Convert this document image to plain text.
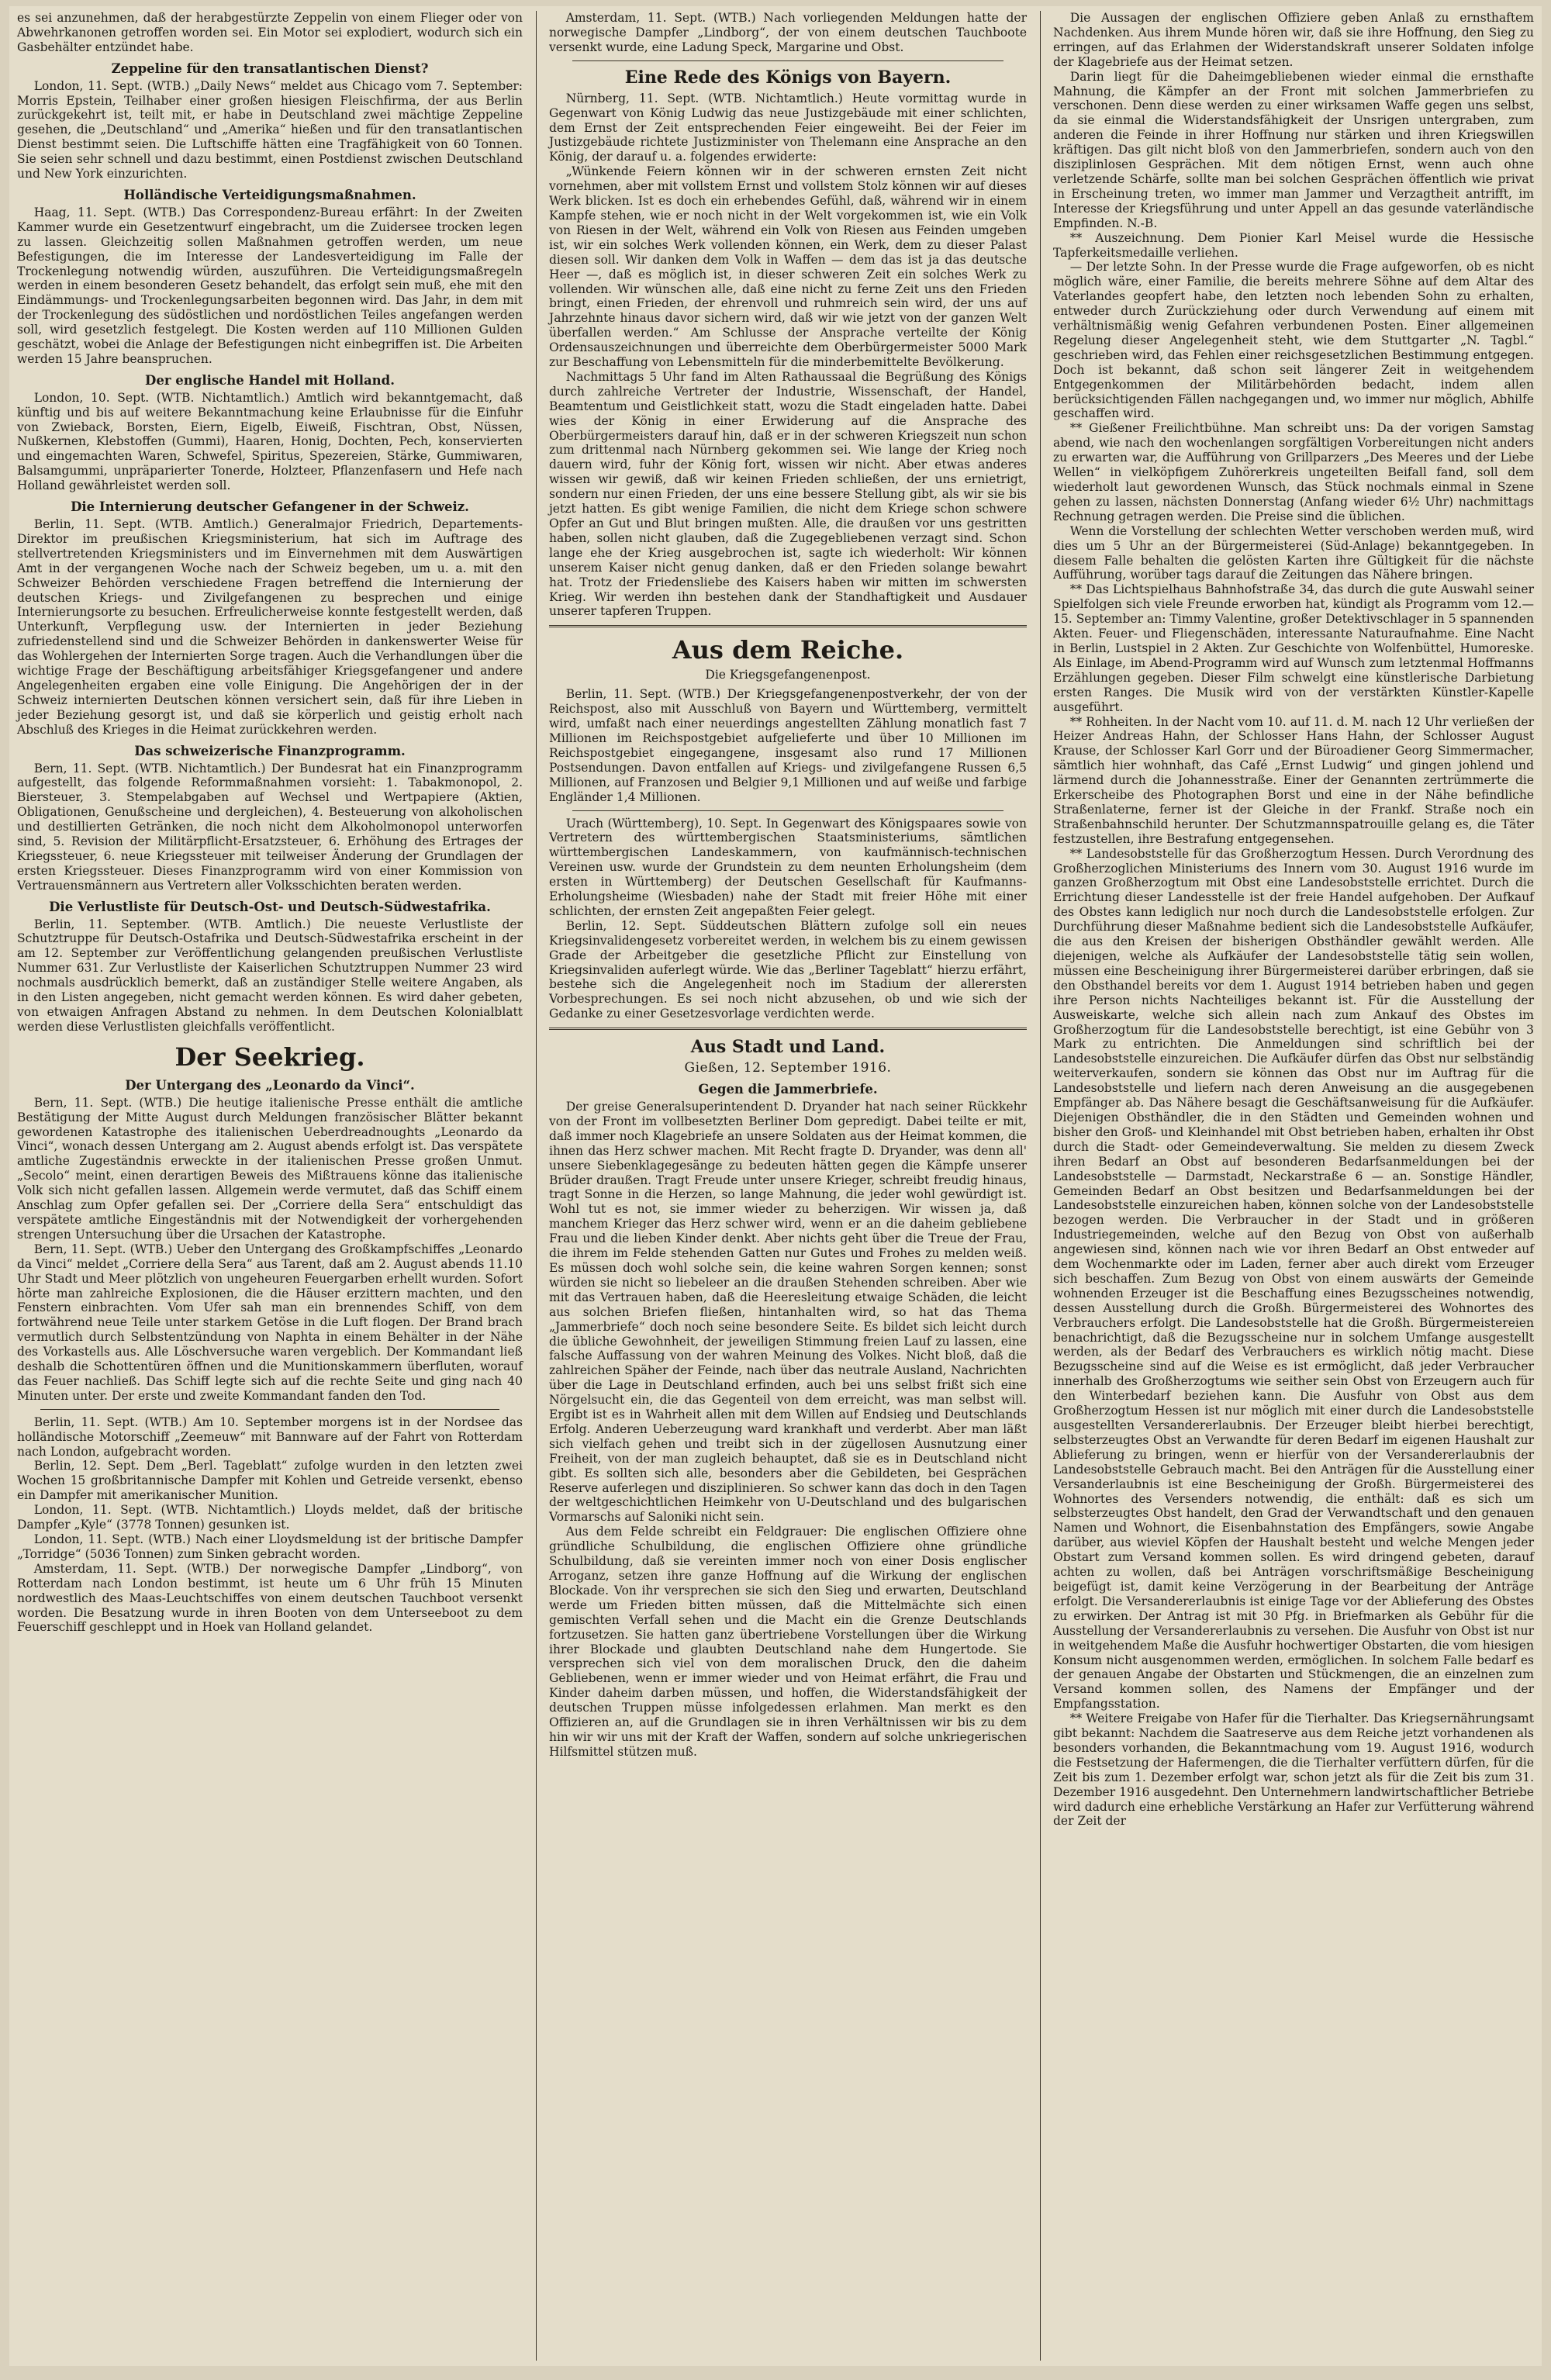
es sei anzunehmen, daß der herabgestürzte Zeppelin von einem Flieger oder von Abwehrkanonen getroffen worden sei. Ein Motor sei explodiert, wodurch sich ein Gasbehälter entzündet habe.

Zeppeline für den transatlantischen Dienst?

London, 11. Sept. (WTB.) „Daily News“ meldet aus Chicago vom 7. September: Morris Epstein, Teilhaber einer großen hiesigen Fleischfirma, der aus Berlin zurückgekehrt ist, teilt mit, er habe in Deutschland zwei mächtige Zeppeline gesehen, die „Deutschland“ und „Amerika“ hießen und für den transatlantischen Dienst bestimmt seien. Die Luftschiffe hätten eine Tragfähigkeit von 60 Tonnen. Sie seien sehr schnell und dazu bestimmt, einen Postdienst zwischen Deutschland und New York einzurichten.

Holländische Verteidigungsmaßnahmen.

Haag, 11. Sept. (WTB.) Das Correspondenz-Bureau erfährt: In der Zweiten Kammer wurde ein Gesetzentwurf eingebracht, um die Zuidersee trocken legen zu lassen. Gleichzeitig sollen Maßnahmen getroffen werden, um neue Befestigungen, die im Interesse der Landesverteidigung im Falle der Trockenlegung notwendig würden, auszuführen. Die Verteidigungsmaßregeln werden in einem besonderen Gesetz behandelt, das erfolgt sein muß, ehe mit den Eindämmungs- und Trockenlegungsarbeiten begonnen wird. Das Jahr, in dem mit der Trockenlegung des südöstlichen und nordöstlichen Teiles angefangen werden soll, wird gesetzlich festgelegt. Die Kosten werden auf 110 Millionen Gulden geschätzt, wobei die Anlage der Befestigungen nicht einbegriffen ist. Die Arbeiten werden 15 Jahre beanspruchen.

Der englische Handel mit Holland.

London, 10. Sept. (WTB. Nichtamtlich.) Amtlich wird bekanntgemacht, daß künftig und bis auf weitere Bekanntmachung keine Erlaubnisse für die Einfuhr von Zwieback, Borsten, Eiern, Eigelb, Eiweiß, Fischtran, Obst, Nüssen, Nußkernen, Klebstoffen (Gummi), Haaren, Honig, Dochten, Pech, konservierten und eingemachten Waren, Schwefel, Spiritus, Spezereien, Stärke, Gummiwaren, Balsamgummi, unpräparierter Tonerde, Holzteer, Pflanzenfasern und Hefe nach Holland gewährleistet werden soll.

Die Internierung deutscher Gefangener in der Schweiz.

Berlin, 11. Sept. (WTB. Amtlich.) Generalmajor Friedrich, Departements-Direktor im preußischen Kriegsministerium, hat sich im Auftrage des stellvertretenden Kriegsministers und im Einvernehmen mit dem Auswärtigen Amt in der vergangenen Woche nach der Schweiz begeben, um u. a. mit den Schweizer Behörden verschiedene Fragen betreffend die Internierung der deutschen Kriegs- und Zivilgefangenen zu besprechen und einige Internierungsorte zu besuchen. Erfreulicherweise konnte festgestellt werden, daß Unterkunft, Verpflegung usw. der Internierten in jeder Beziehung zufriedenstellend sind und die Schweizer Behörden in dankenswerter Weise für das Wohlergehen der Internierten Sorge tragen. Auch die Verhandlungen über die wichtige Frage der Beschäftigung arbeitsfähiger Kriegsgefangener und andere Angelegenheiten ergaben eine volle Einigung. Die Angehörigen der in der Schweiz internierten Deutschen können versichert sein, daß für ihre Lieben in jeder Beziehung gesorgt ist, und daß sie körperlich und geistig erholt nach Abschluß des Krieges in die Heimat zurückkehren werden.

Das schweizerische Finanzprogramm.

Bern, 11. Sept. (WTB. Nichtamtlich.) Der Bundesrat hat ein Finanzprogramm aufgestellt, das folgende Reformmaßnahmen vorsieht: 1. Tabakmonopol, 2. Biersteuer, 3. Stempelabgaben auf Wechsel und Wertpapiere (Aktien, Obligationen, Genußscheine und dergleichen), 4. Besteuerung von alkoholischen und destillierten Getränken, die noch nicht dem Alkoholmonopol unterworfen sind, 5. Revision der Militärpflicht-Ersatzsteuer, 6. Erhöhung des Ertrages der Kriegssteuer, 6. neue Kriegssteuer mit teilweiser Änderung der Grundlagen der ersten Kriegssteuer. Dieses Finanzprogramm wird von einer Kommission von Vertrauensmännern aus Vertretern aller Volksschichten beraten werden.

Die Verlustliste für Deutsch-Ost- und Deutsch-Südwestafrika.

Berlin, 11. September. (WTB. Amtlich.) Die neueste Verlustliste der Schutztruppe für Deutsch-Ostafrika und Deutsch-Südwestafrika erscheint in der am 12. September zur Veröffentlichung gelangenden preußischen Verlustliste Nummer 631. Zur Verlustliste der Kaiserlichen Schutztruppen Nummer 23 wird nochmals ausdrücklich bemerkt, daß an zuständiger Stelle weitere Angaben, als in den Listen angegeben, nicht gemacht werden können. Es wird daher gebeten, von etwaigen Anfragen Abstand zu nehmen. In dem Deutschen Kolonialblatt werden diese Verlustlisten gleichfalls veröffentlicht.

Der Seekrieg.
Der Untergang des „Leonardo da Vinci“.

Bern, 11. Sept. (WTB.) Die heutige italienische Presse enthält die amtliche Bestätigung der Mitte August durch Meldungen französischer Blätter bekannt gewordenen Katastrophe des italienischen Ueberdreadnoughts „Leonardo da Vinci“, wonach dessen Untergang am 2. August abends erfolgt ist. Das verspätete amtliche Zugeständnis erweckte in der italienischen Presse großen Unmut. „Secolo“ meint, einen derartigen Beweis des Mißtrauens könne das italienische Volk sich nicht gefallen lassen. Allgemein werde vermutet, daß das Schiff einem Anschlag zum Opfer gefallen sei. Der „Corriere della Sera“ entschuldigt das verspätete amtliche Eingeständnis mit der Notwendigkeit der vorhergehenden strengen Untersuchung über die Ursachen der Katastrophe.

Bern, 11. Sept. (WTB.) Ueber den Untergang des Großkampfschiffes „Leonardo da Vinci“ meldet „Corriere della Sera“ aus Tarent, daß am 2. August abends 11.10 Uhr Stadt und Meer plötzlich von ungeheuren Feuergarben erhellt wurden. Sofort hörte man zahlreiche Explosionen, die die Häuser erzittern machten, und den Fenstern einbrachten. Vom Ufer sah man ein brennendes Schiff, von dem fortwährend neue Teile unter starkem Getöse in die Luft flogen. Der Brand brach vermutlich durch Selbstentzündung von Naphta in einem Behälter in der Nähe des Vorkastells aus. Alle Löschversuche waren vergeblich. Der Kommandant ließ deshalb die Schottentüren öffnen und die Munitionskammern überfluten, worauf das Feuer nachließ. Das Schiff legte sich auf die rechte Seite und ging nach 40 Minuten unter. Der erste und zweite Kommandant fanden den Tod.

Berlin, 11. Sept. (WTB.) Am 10. September morgens ist in der Nordsee das holländische Motorschiff „Zeemeuw“ mit Bannware auf der Fahrt von Rotterdam nach London, aufgebracht worden.

Berlin, 12. Sept. Dem „Berl. Tageblatt“ zufolge wurden in den letzten zwei Wochen 15 großbritannische Dampfer mit Kohlen und Getreide versenkt, ebenso ein Dampfer mit amerikanischer Munition.

London, 11. Sept. (WTB. Nichtamtlich.) Lloyds meldet, daß der britische Dampfer „Kyle“ (3778 Tonnen) gesunken ist.

London, 11. Sept. (WTB.) Nach einer Lloydsmeldung ist der britische Dampfer „Torridge“ (5036 Tonnen) zum Sinken gebracht worden.

Amsterdam, 11. Sept. (WTB.) Der norwegische Dampfer „Lindborg“, von Rotterdam nach London bestimmt, ist heute um 6 Uhr früh 15 Minuten nordwestlich des Maas-Leuchtschiffes von einem deutschen Tauchboot versenkt worden. Die Besatzung wurde in ihren Booten von dem Unterseeboot zu dem Feuerschiff geschleppt und in Hoek van Holland gelandet.

Amsterdam, 11. Sept. (WTB.) Nach vorliegenden Meldungen hatte der norwegische Dampfer „Lindborg“, der von einem deutschen Tauchboote versenkt wurde, eine Ladung Speck, Margarine und Obst.

Eine Rede des Königs von Bayern.

Nürnberg, 11. Sept. (WTB. Nichtamtlich.) Heute vormittag wurde in Gegenwart von König Ludwig das neue Justizgebäude mit einer schlichten, dem Ernst der Zeit entsprechenden Feier eingeweiht. Bei der Feier im Justizgebäude richtete Justizminister von Thelemann eine Ansprache an den König, der darauf u. a. folgendes erwiderte:

„Wünkende Feiern können wir in der schweren ernsten Zeit nicht vornehmen, aber mit vollstem Ernst und vollstem Stolz können wir auf dieses Werk blicken. Ist es doch ein erhebendes Gefühl, daß, während wir in einem Kampfe stehen, wie er noch nicht in der Welt vorgekommen ist, wie ein Volk von Riesen in der Welt, während ein Volk von Riesen aus Feinden umgeben ist, wir ein solches Werk vollenden können, ein Werk, dem zu dieser Palast diesen soll. Wir danken dem Volk in Waffen — dem das ist ja das deutsche Heer —, daß es möglich ist, in dieser schweren Zeit ein solches Werk zu vollenden. Wir wünschen alle, daß eine nicht zu ferne Zeit uns den Frieden bringt, einen Frieden, der ehrenvoll und ruhmreich sein wird, der uns auf Jahrzehnte hinaus davor sichern wird, daß wir wie jetzt von der ganzen Welt überfallen werden.“ Am Schlusse der Ansprache verteilte der König Ordensauszeichnungen und überreichte dem Oberbürgermeister 5000 Mark zur Beschaffung von Lebensmitteln für die minderbemittelte Bevölkerung.

Nachmittags 5 Uhr fand im Alten Rathaussaal die Begrüßung des Königs durch zahlreiche Vertreter der Industrie, Wissenschaft, der Handel, Beamtentum und Geistlichkeit statt, wozu die Stadt eingeladen hatte. Dabei wies der König in einer Erwiderung auf die Ansprache des Oberbürgermeisters darauf hin, daß er in der schweren Kriegszeit nun schon zum drittenmal nach Nürnberg gekommen sei. Wie lange der Krieg noch dauern wird, fuhr der König fort, wissen wir nicht. Aber etwas anderes wissen wir gewiß, daß wir keinen Frieden schließen, der uns ernietrigt, sondern nur einen Frieden, der uns eine bessere Stellung gibt, als wir sie bis jetzt hatten. Es gibt wenige Familien, die nicht dem Kriege schon schwere Opfer an Gut und Blut bringen mußten. Alle, die draußen vor uns gestritten haben, sollen nicht glauben, daß die Zugegebliebenen verzagt sind. Schon lange ehe der Krieg ausgebrochen ist, sagte ich wiederholt: Wir können unserem Kaiser nicht genug danken, daß er den Frieden solange bewahrt hat. Trotz der Friedensliebe des Kaisers haben wir mitten im schwersten Krieg. Wir werden ihn bestehen dank der Standhaftigkeit und Ausdauer unserer tapferen Truppen.

Aus dem Reiche.
Die Kriegsgefangenenpost.

Berlin, 11. Sept. (WTB.) Der Kriegsgefangenenpostverkehr, der von der Reichspost, also mit Ausschluß von Bayern und Württemberg, vermittelt wird, umfaßt nach einer neuerdings angestellten Zählung monatlich fast 7 Millionen im Reichspostgebiet aufgelieferte und über 10 Millionen im Reichspostgebiet eingegangene, insgesamt also rund 17 Millionen Postsendungen. Davon entfallen auf Kriegs- und zivilgefangene Russen 6,5 Millionen, auf Franzosen und Belgier 9,1 Millionen und auf weiße und farbige Engländer 1,4 Millionen.

Urach (Württemberg), 10. Sept. In Gegenwart des Königspaares sowie von Vertretern des württembergischen Staatsministeriums, sämtlichen württembergischen Landeskammern, von kaufmännisch-technischen Vereinen usw. wurde der Grundstein zu dem neunten Erholungsheim (dem ersten in Württemberg) der Deutschen Gesellschaft für Kaufmanns-Erholungsheime (Wiesbaden) nahe der Stadt mit freier Höhe mit einer schlichten, der ernsten Zeit angepaßten Feier gelegt.

Berlin, 12. Sept. Süddeutschen Blättern zufolge soll ein neues Kriegsinvalidengesetz vorbereitet werden, in welchem bis zu einem gewissen Grade der Arbeitgeber die gesetzliche Pflicht zur Einstellung von Kriegsinvaliden auferlegt würde. Wie das „Berliner Tageblatt“ hierzu erfährt, bestehe sich die Angelegenheit noch im Stadium der allerersten Vorbesprechungen. Es sei noch nicht abzusehen, ob und wie sich der Gedanke zu einer Gesetzesvorlage verdichten werde.

Aus Stadt und Land.
Gießen, 12. September 1916.
Gegen die Jammerbriefe.

Der greise Generalsuperintendent D. Dryander hat nach seiner Rückkehr von der Front im vollbesetzten Berliner Dom gepredigt. Dabei teilte er mit, daß immer noch Klagebriefe an unsere Soldaten aus der Heimat kommen, die ihnen das Herz schwer machen. Mit Recht fragte D. Dryander, was denn all' unsere Siebenklagegesänge zu bedeuten hätten gegen die Kämpfe unserer Brüder draußen. Tragt Freude unter unsere Krieger, schreibt freudig hinaus, tragt Sonne in die Herzen, so lange Mahnung, die jeder wohl gewürdigt ist. Wohl tut es not, sie immer wieder zu beherzigen. Wir wissen ja, daß manchem Krieger das Herz schwer wird, wenn er an die daheim gebliebene Frau und die lieben Kinder denkt. Aber nichts geht über die Treue der Frau, die ihrem im Felde stehenden Gatten nur Gutes und Frohes zu melden weiß. Es müssen doch wohl solche sein, die keine wahren Sorgen kennen; sonst würden sie nicht so liebeleer an die draußen Stehenden schreiben. Aber wie mit das Vertrauen haben, daß die Heeresleitung etwaige Schäden, die leicht aus solchen Briefen fließen, hintanhalten wird, so hat das Thema „Jammerbriefe“ doch noch seine besondere Seite. Es bildet sich leicht durch die übliche Gewohnheit, der jeweiligen Stimmung freien Lauf zu lassen, eine falsche Auffassung von der wahren Meinung des Volkes. Nicht bloß, daß die zahlreichen Späher der Feinde, nach über das neutrale Ausland, Nachrichten über die Lage in Deutschland erfinden, auch bei uns selbst frißt sich eine Nörgelsucht ein, die das Gegenteil von dem erreicht, was man selbst will. Ergibt ist es in Wahrheit allen mit dem Willen auf Endsieg und Deutschlands Erfolg. Anderen Ueberzeugung ward krankhaft und verderbt. Aber man läßt sich vielfach gehen und treibt sich in der zügellosen Ausnutzung einer Freiheit, von der man zugleich behauptet, daß sie es in Deutschland nicht gibt. Es sollten sich alle, besonders aber die Gebildeten, bei Gesprächen Reserve auferlegen und disziplinieren. So schwer kann das doch in den Tagen der weltgeschichtlichen Heimkehr von U-Deutschland und des bulgarischen Vormarschs auf Saloniki nicht sein.

Aus dem Felde schreibt ein Feldgrauer: Die englischen Offiziere ohne gründliche Schulbildung, die englischen Offiziere ohne gründliche Schulbildung, daß sie vereinten immer noch von einer Dosis englischer Arroganz, setzen ihre ganze Hoffnung auf die Wirkung der englischen Blockade. Von ihr versprechen sie sich den Sieg und erwarten, Deutschland werde um Frieden bitten müssen, daß die Mittelmächte sich einen gemischten Verfall sehen und die Macht ein die Grenze Deutschlands fortzusetzen. Sie hatten ganz übertriebene Vorstellungen über die Wirkung ihrer Blockade und glaubten Deutschland nahe dem Hungertode. Sie versprechen sich viel von dem moralischen Druck, den die daheim Gebliebenen, wenn er immer wieder und von Heimat erfährt, die Frau und Kinder daheim darben müssen, und hoffen, die Widerstandsfähigkeit der deutschen Truppen müsse infolgedessen erlahmen. Man merkt es den Offizieren an, auf die Grundlagen sie in ihren Verhältnissen wir bis zu dem hin wir wir uns mit der Kraft der Waffen, sondern auf solche unkriegerischen Hilfsmittel stützen muß.

Die Aussagen der englischen Offiziere geben Anlaß zu ernsthaftem Nachdenken. Aus ihrem Munde hören wir, daß sie ihre Hoffnung, den Sieg zu erringen, auf das Erlahmen der Widerstandskraft unserer Soldaten infolge der Klagebriefe aus der Heimat setzen.

Darin liegt für die Daheimgebliebenen wieder einmal die ernsthafte Mahnung, die Kämpfer an der Front mit solchen Jammerbriefen zu verschonen. Denn diese werden zu einer wirksamen Waffe gegen uns selbst, da sie einmal die Widerstandsfähigkeit der Unsrigen untergraben, zum anderen die Feinde in ihrer Hoffnung nur stärken und ihren Kriegswillen kräftigen. Das gilt nicht bloß von den Jammerbriefen, sondern auch von den disziplinlosen Gesprächen. Mit dem nötigen Ernst, wenn auch ohne verletzende Schärfe, sollte man bei solchen Gesprächen öffentlich wie privat in Erscheinung treten, wo immer man Jammer und Verzagtheit antrifft, im Interesse der Kriegsführung und unter Appell an das gesunde vaterländische Empfinden. N.-B.

** Auszeichnung. Dem Pionier Karl Meisel wurde die Hessische Tapferkeitsmedaille verliehen.

— Der letzte Sohn. In der Presse wurde die Frage aufgeworfen, ob es nicht möglich wäre, einer Familie, die bereits mehrere Söhne auf dem Altar des Vaterlandes geopfert habe, den letzten noch lebenden Sohn zu erhalten, entweder durch Zurückziehung oder durch Verwendung auf einem mit verhältnismäßig wenig Gefahren verbundenen Posten. Einer allgemeinen Regelung dieser Angelegenheit steht, wie dem Stuttgarter „N. Tagbl.“ geschrieben wird, das Fehlen einer reichsgesetzlichen Bestimmung entgegen. Doch ist bekannt, daß schon seit längerer Zeit in weitgehendem Entgegenkommen der Militärbehörden bedacht, indem allen berücksichtigenden Fällen nachgegangen und, wo immer nur möglich, Abhilfe geschaffen wird.

** Gießener Freilichtbühne. Man schreibt uns: Da der vorigen Samstag abend, wie nach den wochenlangen sorgfältigen Vorbereitungen nicht anders zu erwarten war, die Aufführung von Grillparzers „Des Meeres und der Liebe Wellen“ in vielköpfigem Zuhörerkreis ungeteilten Beifall fand, soll dem wiederholt laut gewordenen Wunsch, das Stück nochmals einmal in Szene gehen zu lassen, nächsten Donnerstag (Anfang wieder 6½ Uhr) nachmittags Rechnung getragen werden. Die Preise sind die üblichen.

Wenn die Vorstellung der schlechten Wetter verschoben werden muß, wird dies um 5 Uhr an der Bürgermeisterei (Süd-Anlage) bekanntgegeben. In diesem Falle behalten die gelösten Karten ihre Gültigkeit für die nächste Aufführung, worüber tags darauf die Zeitungen das Nähere bringen.

** Das Lichtspielhaus Bahnhofstraße 34, das durch die gute Auswahl seiner Spielfolgen sich viele Freunde erworben hat, kündigt als Programm vom 12.—15. September an: Timmy Valentine, großer Detektivschlager in 5 spannenden Akten. Feuer- und Fliegenschäden, interessante Naturaufnahme. Eine Nacht in Berlin, Lustspiel in 2 Akten. Zur Geschichte von Wolfenbüttel, Humoreske. Als Einlage, im Abend-Programm wird auf Wunsch zum letztenmal Hoffmanns Erzählungen gegeben. Dieser Film schwelgt eine künstlerische Darbietung ersten Ranges. Die Musik wird von der verstärkten Künstler-Kapelle ausgeführt.

** Rohheiten. In der Nacht vom 10. auf 11. d. M. nach 12 Uhr verließen der Heizer Andreas Hahn, der Schlosser Hans Hahn, der Schlosser August Krause, der Schlosser Karl Gorr und der Büroadiener Georg Simmermacher, sämtlich hier wohnhaft, das Café „Ernst Ludwig“ und gingen johlend und lärmend durch die Johannesstraße. Einer der Genannten zertrümmerte die Erkerscheibe des Photographen Borst und eine in der Nähe befindliche Straßenlaterne, ferner ist der Gleiche in der Frankf. Straße noch ein Straßenbahnschild herunter. Der Schutzmannspatrouille gelang es, die Täter festzustellen, ihre Bestrafung entgegensehen.

** Landesobststelle für das Großherzogtum Hessen. Durch Verordnung des Großherzoglichen Ministeriums des Innern vom 30. August 1916 wurde im ganzen Großherzogtum mit Obst eine Landesobststelle errichtet. Durch die Errichtung dieser Landesstelle ist der freie Handel aufgehoben. Der Aufkauf des Obstes kann lediglich nur noch durch die Landesobststelle erfolgen. Zur Durchführung dieser Maßnahme bedient sich die Landesobststelle Aufkäufer, die aus den Kreisen der bisherigen Obsthändler gewählt werden. Alle diejenigen, welche als Aufkäufer der Landesobststelle tätig sein wollen, müssen eine Bescheinigung ihrer Bürgermeisterei darüber erbringen, daß sie den Obsthandel bereits vor dem 1. August 1914 betrieben haben und gegen ihre Person nichts Nachteiliges bekannt ist. Für die Ausstellung der Ausweiskarte, welche sich allein nach zum Ankauf des Obstes im Großherzogtum für die Landesobststelle berechtigt, ist eine Gebühr von 3 Mark zu entrichten. Die Anmeldungen sind schriftlich bei der Landesobststelle einzureichen. Die Aufkäufer dürfen das Obst nur selbständig weiterverkaufen, sondern sie können das Obst nur im Auftrag für die Landesobststelle und liefern nach deren Anweisung an die ausgegebenen Empfänger ab. Das Nähere besagt die Geschäftsanweisung für die Aufkäufer. Diejenigen Obsthändler, die in den Städten und Gemeinden wohnen und bisher den Groß- und Kleinhandel mit Obst betrieben haben, erhalten ihr Obst durch die Stadt- oder Gemeindeverwaltung. Sie melden zu diesem Zweck ihren Bedarf an Obst auf besonderen Bedarfsanmeldungen bei der Landesobststelle — Darmstadt, Neckarstraße 6 — an. Sonstige Händler, Gemeinden Bedarf an Obst besitzen und Bedarfsanmeldungen bei der Landesobststelle einzureichen haben, können solche von der Landesobststelle bezogen werden. Die Verbraucher in der Stadt und in größeren Industriegemeinden, welche auf den Bezug von Obst von außerhalb angewiesen sind, können nach wie vor ihren Bedarf an Obst entweder auf dem Wochenmarkte oder im Laden, ferner aber auch direkt vom Erzeuger sich beschaffen. Zum Bezug von Obst von einem auswärts der Gemeinde wohnenden Erzeuger ist die Beschaffung eines Bezugsscheines notwendig, dessen Ausstellung durch die Großh. Bürgermeisterei des Wohnortes des Verbrauchers erfolgt. Die Landesobststelle hat die Großh. Bürgermeistereien benachrichtigt, daß die Bezugsscheine nur in solchem Umfange ausgestellt werden, als der Bedarf des Verbrauchers es wirklich nötig macht. Diese Bezugsscheine sind auf die Weise es ist ermöglicht, daß jeder Verbraucher innerhalb des Großherzogtums wie seither sein Obst von Erzeugern auch für den Winterbedarf beziehen kann. Die Ausfuhr von Obst aus dem Großherzogtum Hessen ist nur möglich mit einer durch die Landesobststelle ausgestellten Versandererlaubnis. Der Erzeuger bleibt hierbei berechtigt, selbsterzeugtes Obst an Verwandte für deren Bedarf im eigenen Haushalt zur Ablieferung zu bringen, wenn er hierfür von der Versandererlaubnis der Landesobststelle Gebrauch macht. Bei den Anträgen für die Ausstellung einer Versanderlaubnis ist eine Bescheinigung der Großh. Bürgermeisterei des Wohnortes des Versenders notwendig, die enthält: daß es sich um selbsterzeugtes Obst handelt, den Grad der Verwandtschaft und den genauen Namen und Wohnort, die Eisenbahnstation des Empfängers, sowie Angabe darüber, aus wieviel Köpfen der Haushalt besteht und welche Mengen jeder Obstart zum Versand kommen sollen. Es wird dringend gebeten, darauf achten zu wollen, daß bei Anträgen vorschriftsmäßige Bescheinigung beigefügt ist, damit keine Verzögerung in der Bearbeitung der Anträge erfolgt. Die Versandererlaubnis ist einige Tage vor der Ablieferung des Obstes zu erwirken. Der Antrag ist mit 30 Pfg. in Briefmarken als Gebühr für die Ausstellung der Versandererlaubnis zu versehen. Die Ausfuhr von Obst ist nur in weitgehendem Maße die Ausfuhr hochwertiger Obstarten, die vom hiesigen Konsum nicht ausgenommen werden, ermöglichen. In solchem Falle bedarf es der genauen Angabe der Obstarten und Stückmengen, die an einzelnen zum Versand kommen sollen, des Namens der Empfänger und der Empfangsstation.

** Weitere Freigabe von Hafer für die Tierhalter. Das Kriegsernährungsamt gibt bekannt: Nachdem die Saatreserve aus dem Reiche jetzt vorhandenen als besonders vorhanden, die Bekanntmachung vom 19. August 1916, wodurch die Festsetzung der Hafermengen, die die Tierhalter verfüttern dürfen, für die Zeit bis zum 1. Dezember erfolgt war, schon jetzt als für die Zeit bis zum 31. Dezember 1916 ausgedehnt. Den Unternehmern landwirtschaftlicher Betriebe wird dadurch eine erhebliche Verstärkung an Hafer zur Verfütterung während der Zeit der
